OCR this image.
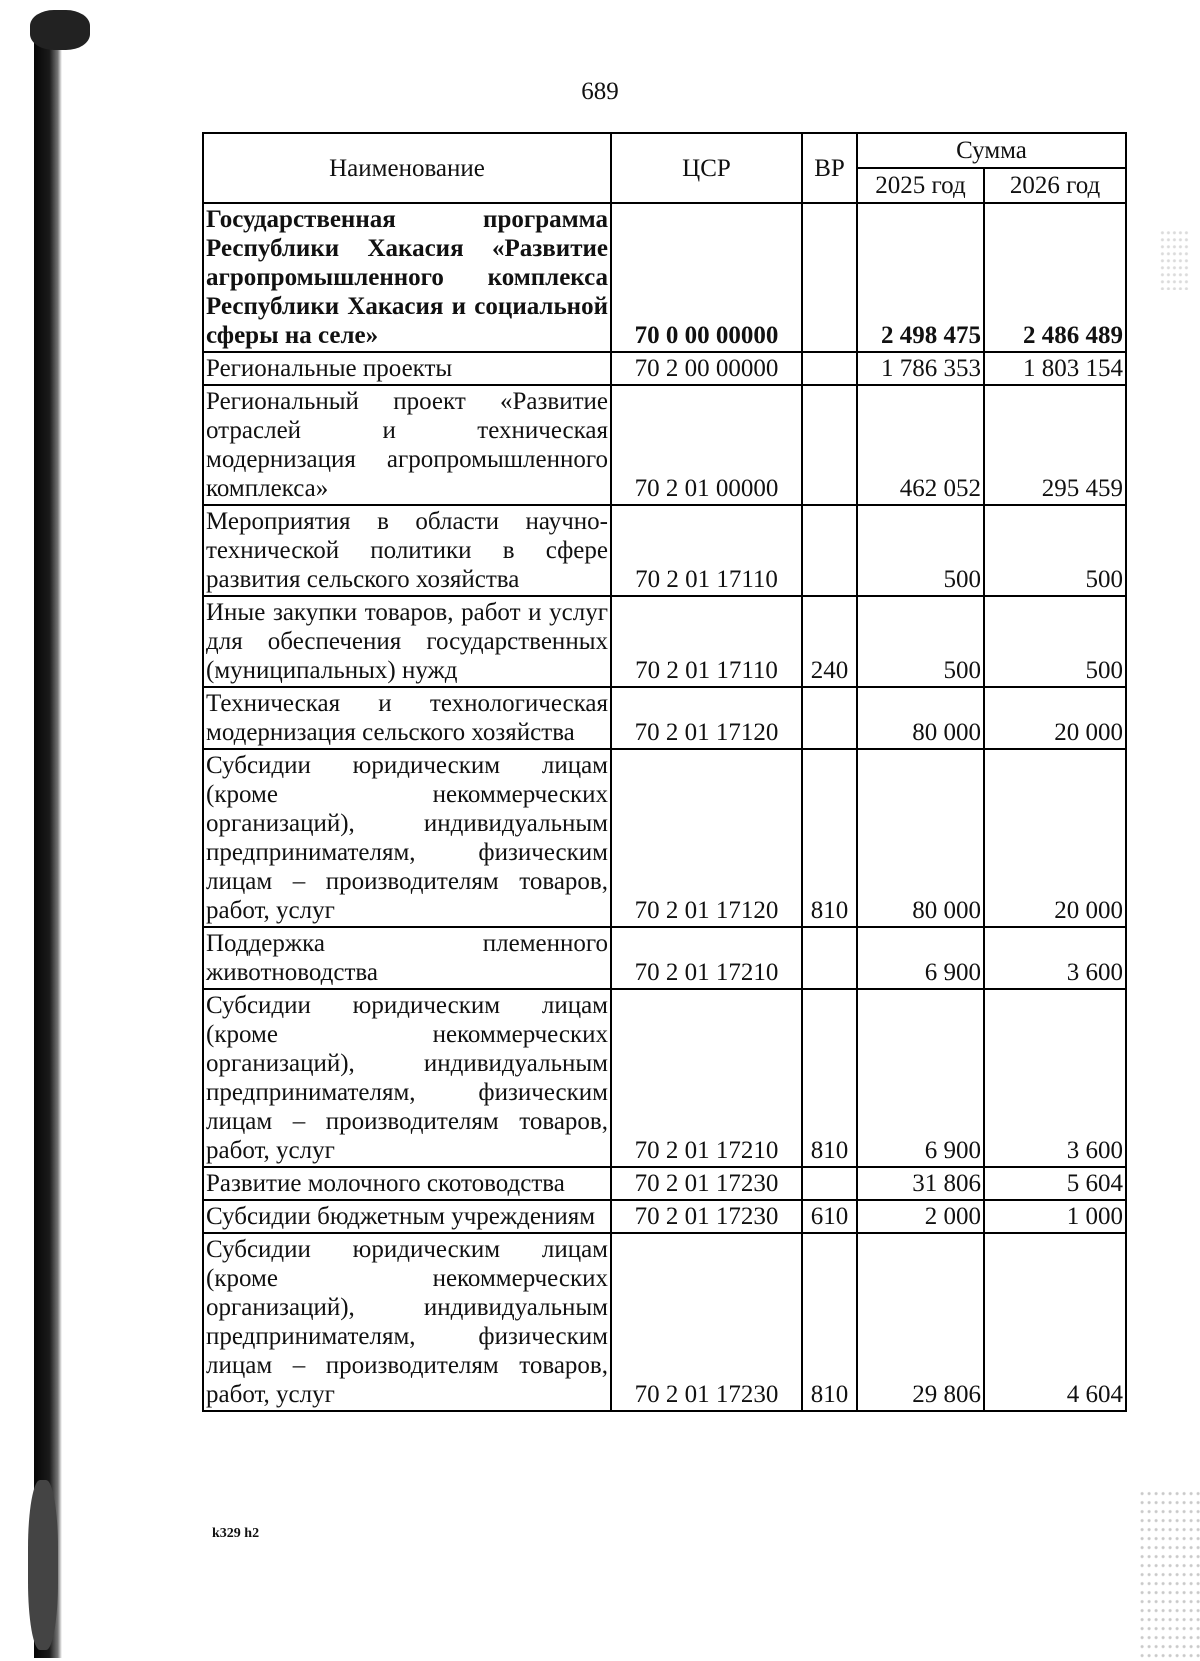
689
Наименование	ЦСР	ВР	Сумма	
			2025 год	2026 год
Государственная программа Республики Хакасия «Развитие агропромышленного комплекса Республики Хакасия и социальной сферы на селе»	70 0 00 00000		2 498 475	2 486 489
Региональные проекты	70 2 00 00000		1 786 353	1 803 154
Региональный проект «Развитие отраслей и техническая модернизация агропромышленного комплекса»	70 2 01 00000		462 052	295 459
Мероприятия в области научно-технической политики в сфере развития сельского хозяйства	70 2 01 17110		500	500
Иные закупки товаров, работ и услуг для обеспечения государственных (муниципальных) нужд	70 2 01 17110	240	500	500
Техническая и технологическая модернизация сельского хозяйства	70 2 01 17120		80 000	20 000
Субсидии юридическим лицам (кроме некоммерческих организаций), индивидуальным предпринимателям, физическим лицам – производителям товаров, работ, услуг	70 2 01 17120	810	80 000	20 000
Поддержка племенного животноводства	70 2 01 17210		6 900	3 600
Субсидии юридическим лицам (кроме некоммерческих организаций), индивидуальным предпринимателям, физическим лицам – производителям товаров, работ, услуг	70 2 01 17210	810	6 900	3 600
Развитие молочного скотоводства	70 2 01 17230		31 806	5 604
Субсидии бюджетным учреждениям	70 2 01 17230	610	2 000	1 000
Субсидии юридическим лицам (кроме некоммерческих организаций), индивидуальным предпринимателям, физическим лицам – производителям товаров, работ, услуг	70 2 01 17230	810	29 806	4 604
k329 h2
